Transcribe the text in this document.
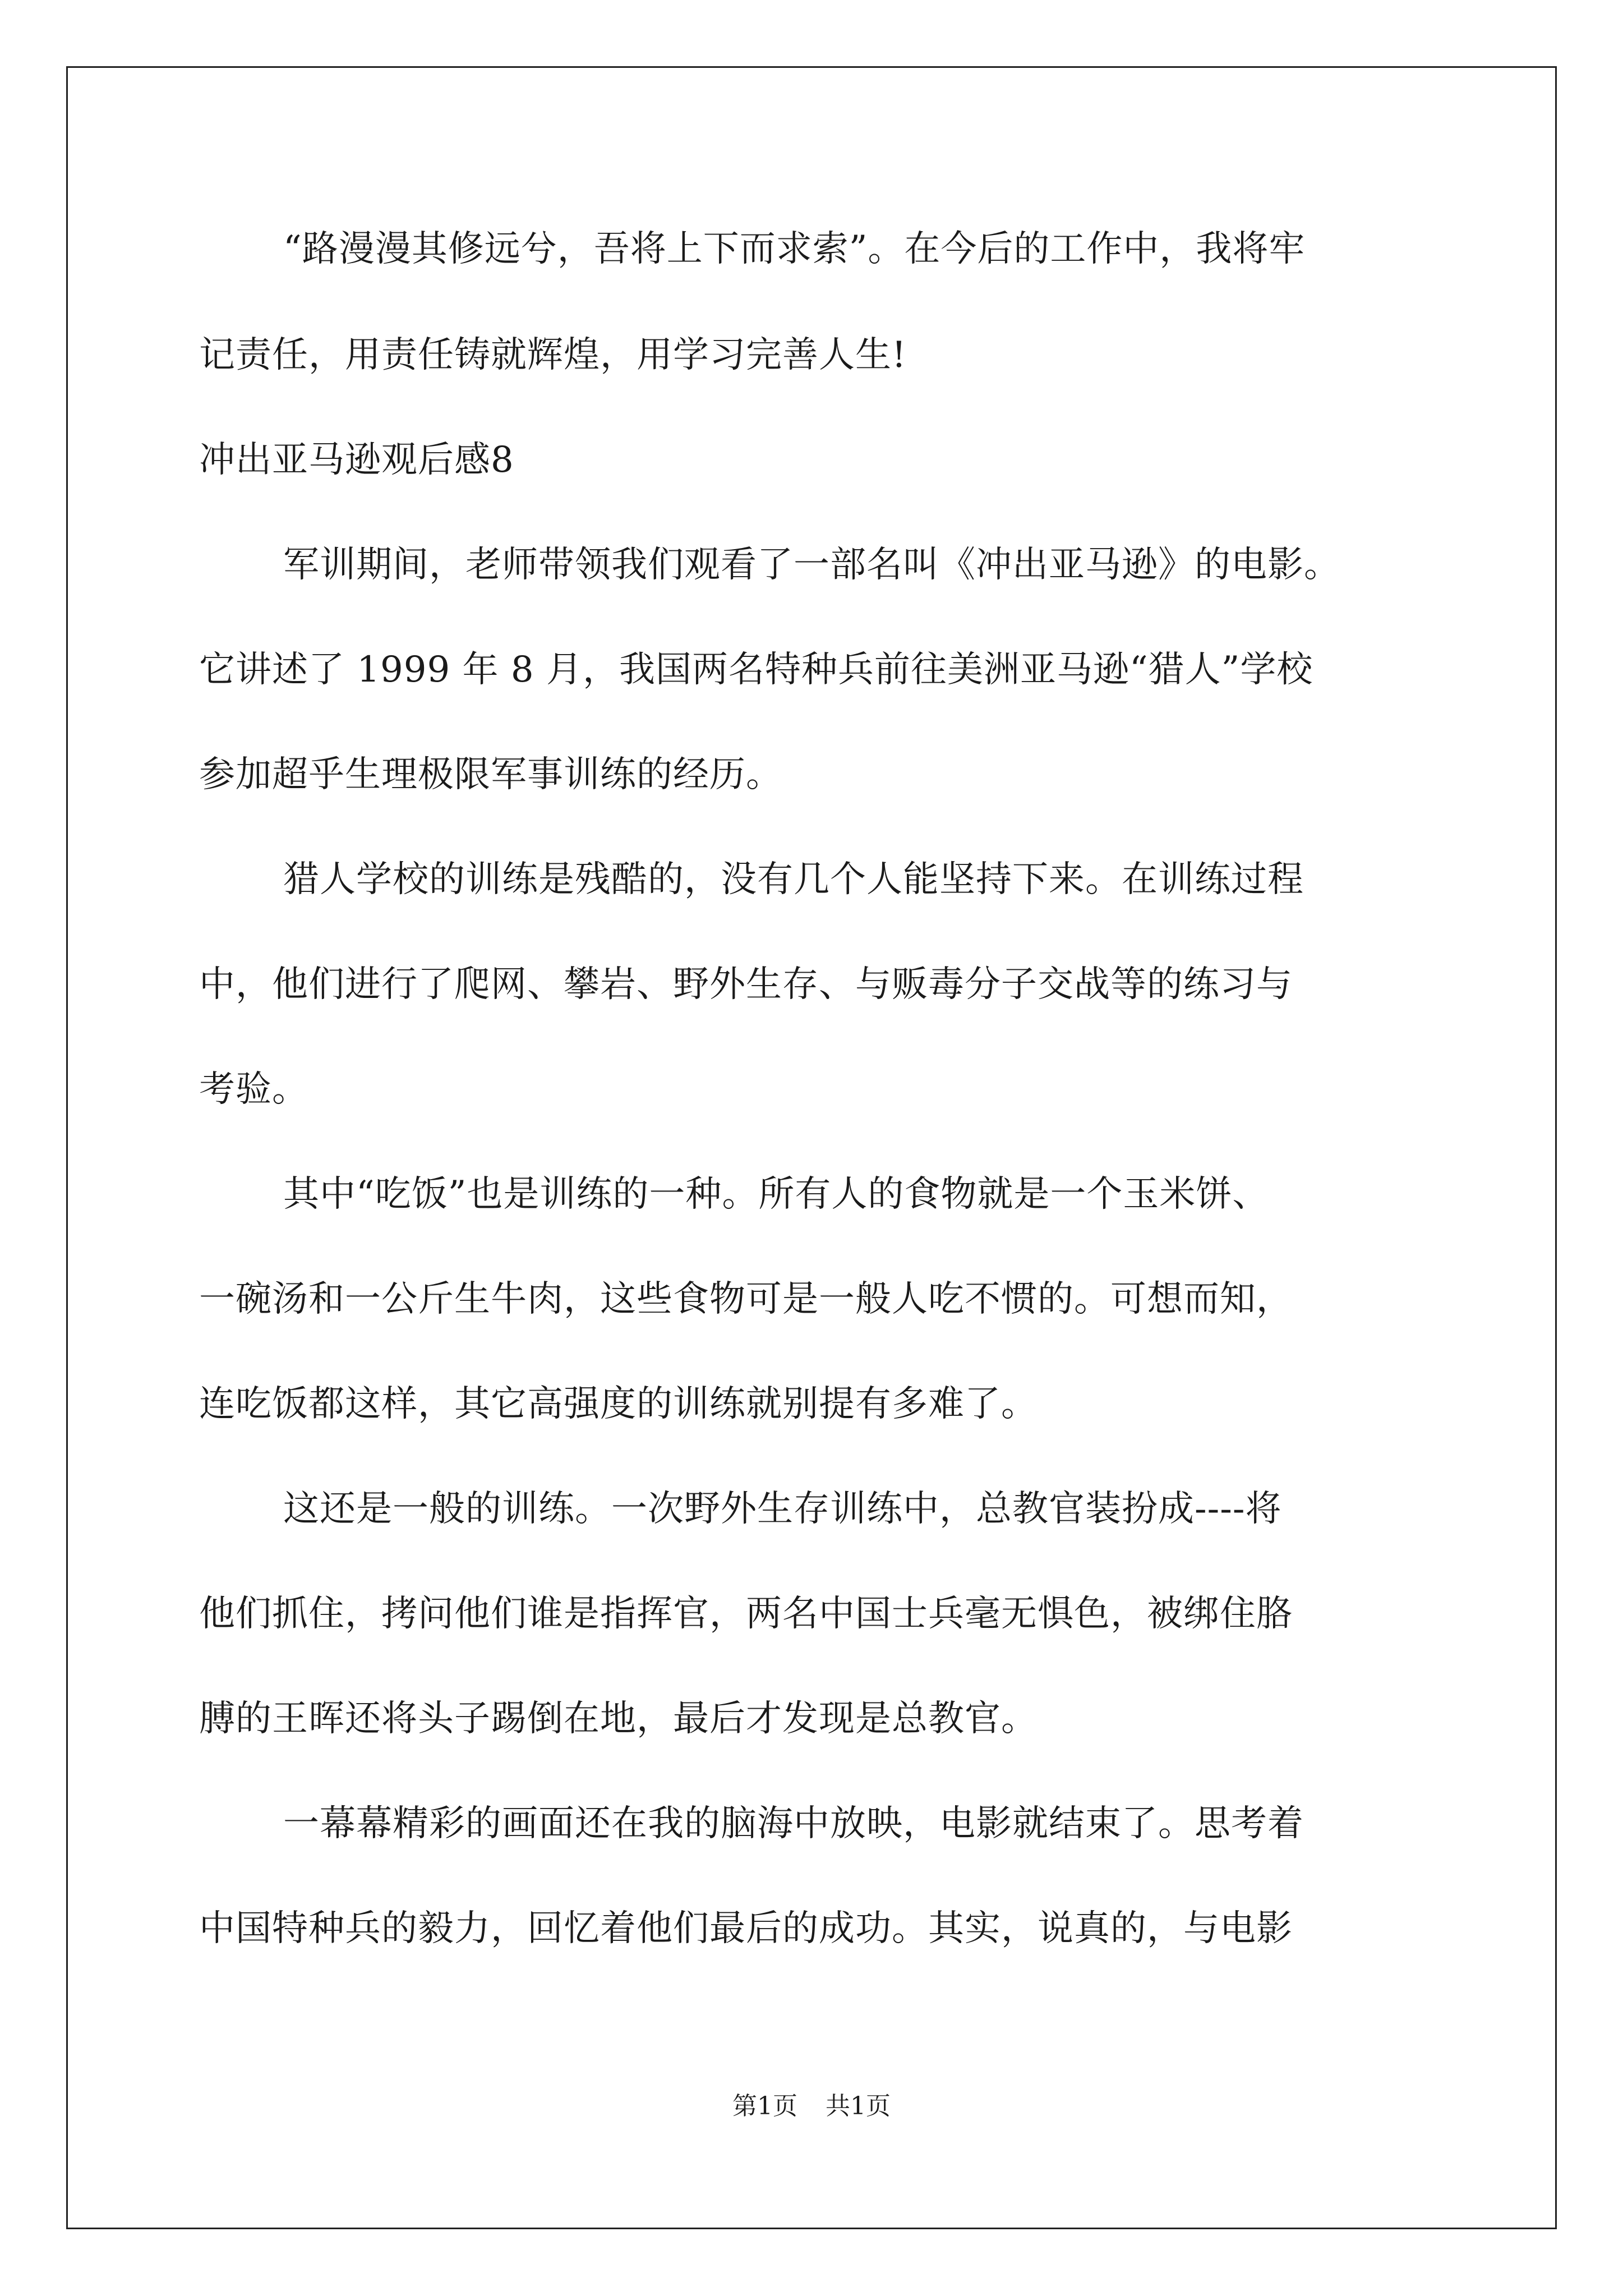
“路漫漫其修远兮，吾将上下而求索”。在今后的工作中，我将牢
记责任，用责任铸就辉煌，用学习完善人生!
冲出亚马逊观后感8
军训期间，老师带领我们观看了一部名叫《冲出亚马逊》的电影。
它讲述了 1999 年 8 月，我国两名特种兵前往美洲亚马逊“猎人”学校
参加超乎生理极限军事训练的经历。
猎人学校的训练是残酷的，没有几个人能坚持下来。在训练过程
中，他们进行了爬网、攀岩、野外生存、与贩毒分子交战等的练习与
考验。
其中“吃饭”也是训练的一种。所有人的食物就是一个玉米饼、
一碗汤和一公斤生牛肉，这些食物可是一般人吃不惯的。可想而知，
连吃饭都这样，其它高强度的训练就别提有多难了。
这还是一般的训练。一次野外生存训练中，总教官装扮成----将
他们抓住，拷问他们谁是指挥官，两名中国士兵毫无惧色，被绑住胳
膊的王晖还将头子踢倒在地，最后才发现是总教官。
一幕幕精彩的画面还在我的脑海中放映，电影就结束了。思考着
中国特种兵的毅力，回忆着他们最后的成功。其实，说真的，与电影
第1页 共1页
